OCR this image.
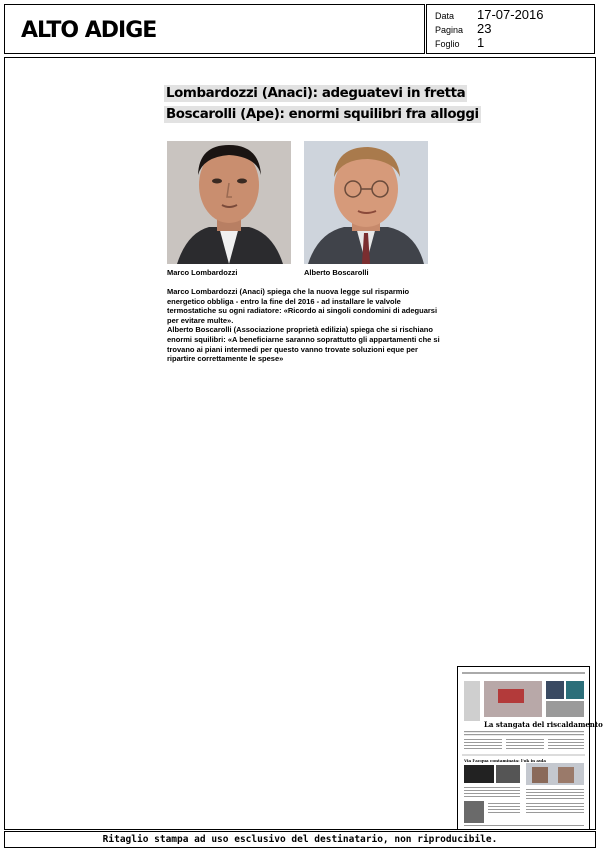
ALTO ADIGE
Data 17-07-2016
Pagina 23
Foglio 1
Lombardozzi (Anaci): adeguatevi in fretta
Boscarolli (Ape): enormi squilibri fra alloggi
Marco Lombardozzi	Alberto Boscarolli

Marco Lombardozzi (Anaci) spiega che la nuova legge sul risparmio energetico obbliga - entro la fine del 2016 - ad installare le valvole termostatiche su ogni radiatore: «Ricordo ai singoli condomini di adeguarsi per evitare multe».

Alberto Boscarolli (Associazione proprietà edilizia) spiega che si rischiano enormi squilibri: «A beneficiarne saranno soprattutto gli appartamenti che si trovano ai piani intermedi per questo vanno trovate soluzioni eque per ripartire correttamente le spese»

La stangata del riscaldamento
Via l'acqua contaminata: l'ok in aula
Ritaglio stampa ad uso esclusivo del destinatario, non riproducibile.
